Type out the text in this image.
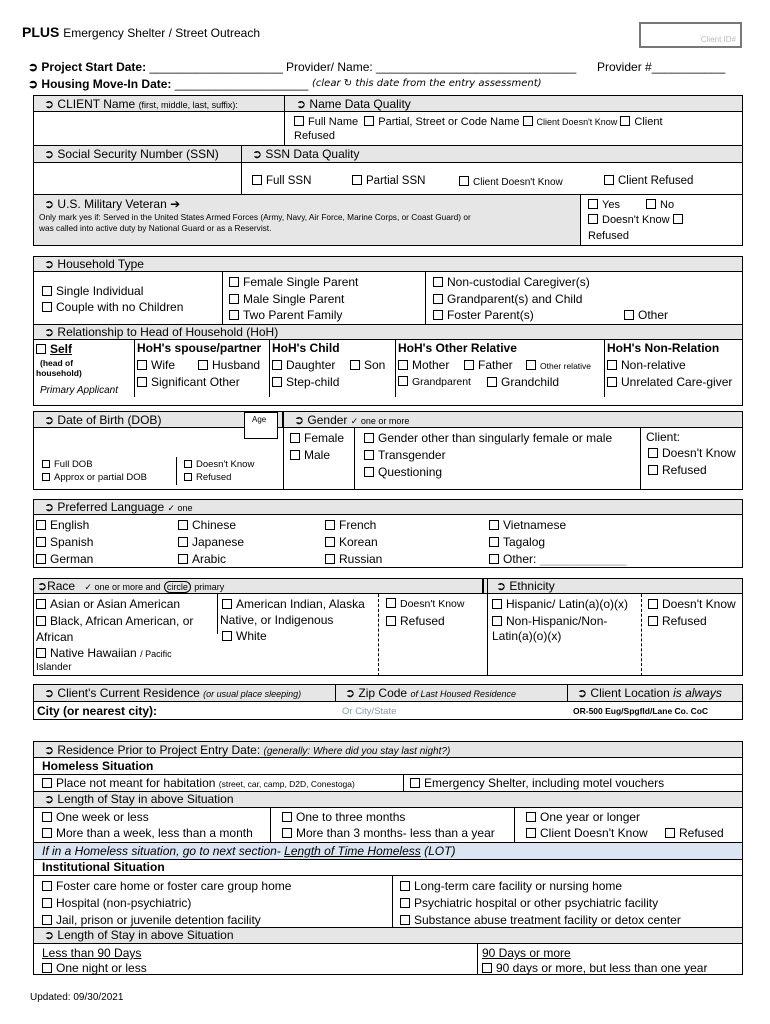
PLUS Emergency Shelter / Street Outreach	Client ID#
➲ Project Start Date: ____________________ Provider/ Name: ______________________________ Provider #___________
➲ Housing Move-In Date: ____________________ (clear ↻ this date from the entry assessment)
➲ CLIENT Name (first, middle, last, suffix):	➲ Name Data Quality
Full Name Partial, Street or Code Name Client Doesn't Know Client
Refused
➲ Social Security Number (SSN)	➲ SSN Data Quality
Full SSN	Partial SSN	Client Doesn't Know	Client Refused
➲ U.S. Military Veteran ➔
Only mark yes if: Served in the United States Armed Forces (Army, Navy, Air Force, Marine Corps, or Coast Guard) or
was called into active duty by National Guard or as a Reservist.
Yes	No
Doesn't Know
Refused
➲ Household Type
Single Individual
Couple with no Children
Female Single Parent
Male Single Parent
Two Parent Family
Non-custodial Caregiver(s)
Grandparent(s) and Child
Foster Parent(s)	Other
➲ Relationship to Head of Household (HoH)
Self
(head of
household)
Primary Applicant
HoH's spouse/partner
Wife	Husband
Significant Other
HoH's Child
Daughter	Son
Step-child
HoH's Other Relative
Mother	Father	Other relative
Grandparent	Grandchild
HoH's Non-Relation
Non-relative
Unrelated Care-giver
➲ Date of Birth (DOB)	Age ➲ Gender ✓ one or more
Full DOB
Approx or partial DOB
Doesn't Know
Refused
Female
Male
Gender other than singularly female or male
Transgender
Questioning
Client:
Doesn't Know
Refused
➲ Preferred Language ✓ one
English
Spanish
German
Chinese
Japanese
Arabic
French
Korean
Russian
Vietnamese
Tagalog
Other: _____________
➲Race ✓ one or more and circle primary	➲ Ethnicity
Asian or Asian American
Black, African American, or
African
Native Hawaiian / Pacific
Islander
American Indian, Alaska
Native, or Indigenous
White
Doesn't Know
Refused
Hispanic/ Latin(a)(o)(x)
Non-Hispanic/Non-
Latin(a)(o)(x)
Doesn't Know
Refused
➲ Client's Current Residence (or usual place sleeping)	➲ Zip Code of Last Housed Residence	➲ Client Location is always
City (or nearest city):	Or City/State	OR-500 Eug/Spgfld/Lane Co. CoC
➲ Residence Prior to Project Entry Date: (generally: Where did you stay last night?)
Homeless Situation
Place not meant for habitation (street, car, camp, D2D, Conestoga)	Emergency Shelter, including motel vouchers
➲ Length of Stay in above Situation
One week or less
More than a week, less than a month
One to three months
More than 3 months- less than a year
One year or longer
Client Doesn't Know	Refused
If in a Homeless situation, go to next section- Length of Time Homeless (LOT)
Institutional Situation
Foster care home or foster care group home
Hospital (non-psychiatric)
Jail, prison or juvenile detention facility
Long-term care facility or nursing home
Psychiatric hospital or other psychiatric facility
Substance abuse treatment facility or detox center
➲ Length of Stay in above Situation
Less than 90 Days
One night or less
90 Days or more
90 days or more, but less than one year
Updated: 09/30/2021
